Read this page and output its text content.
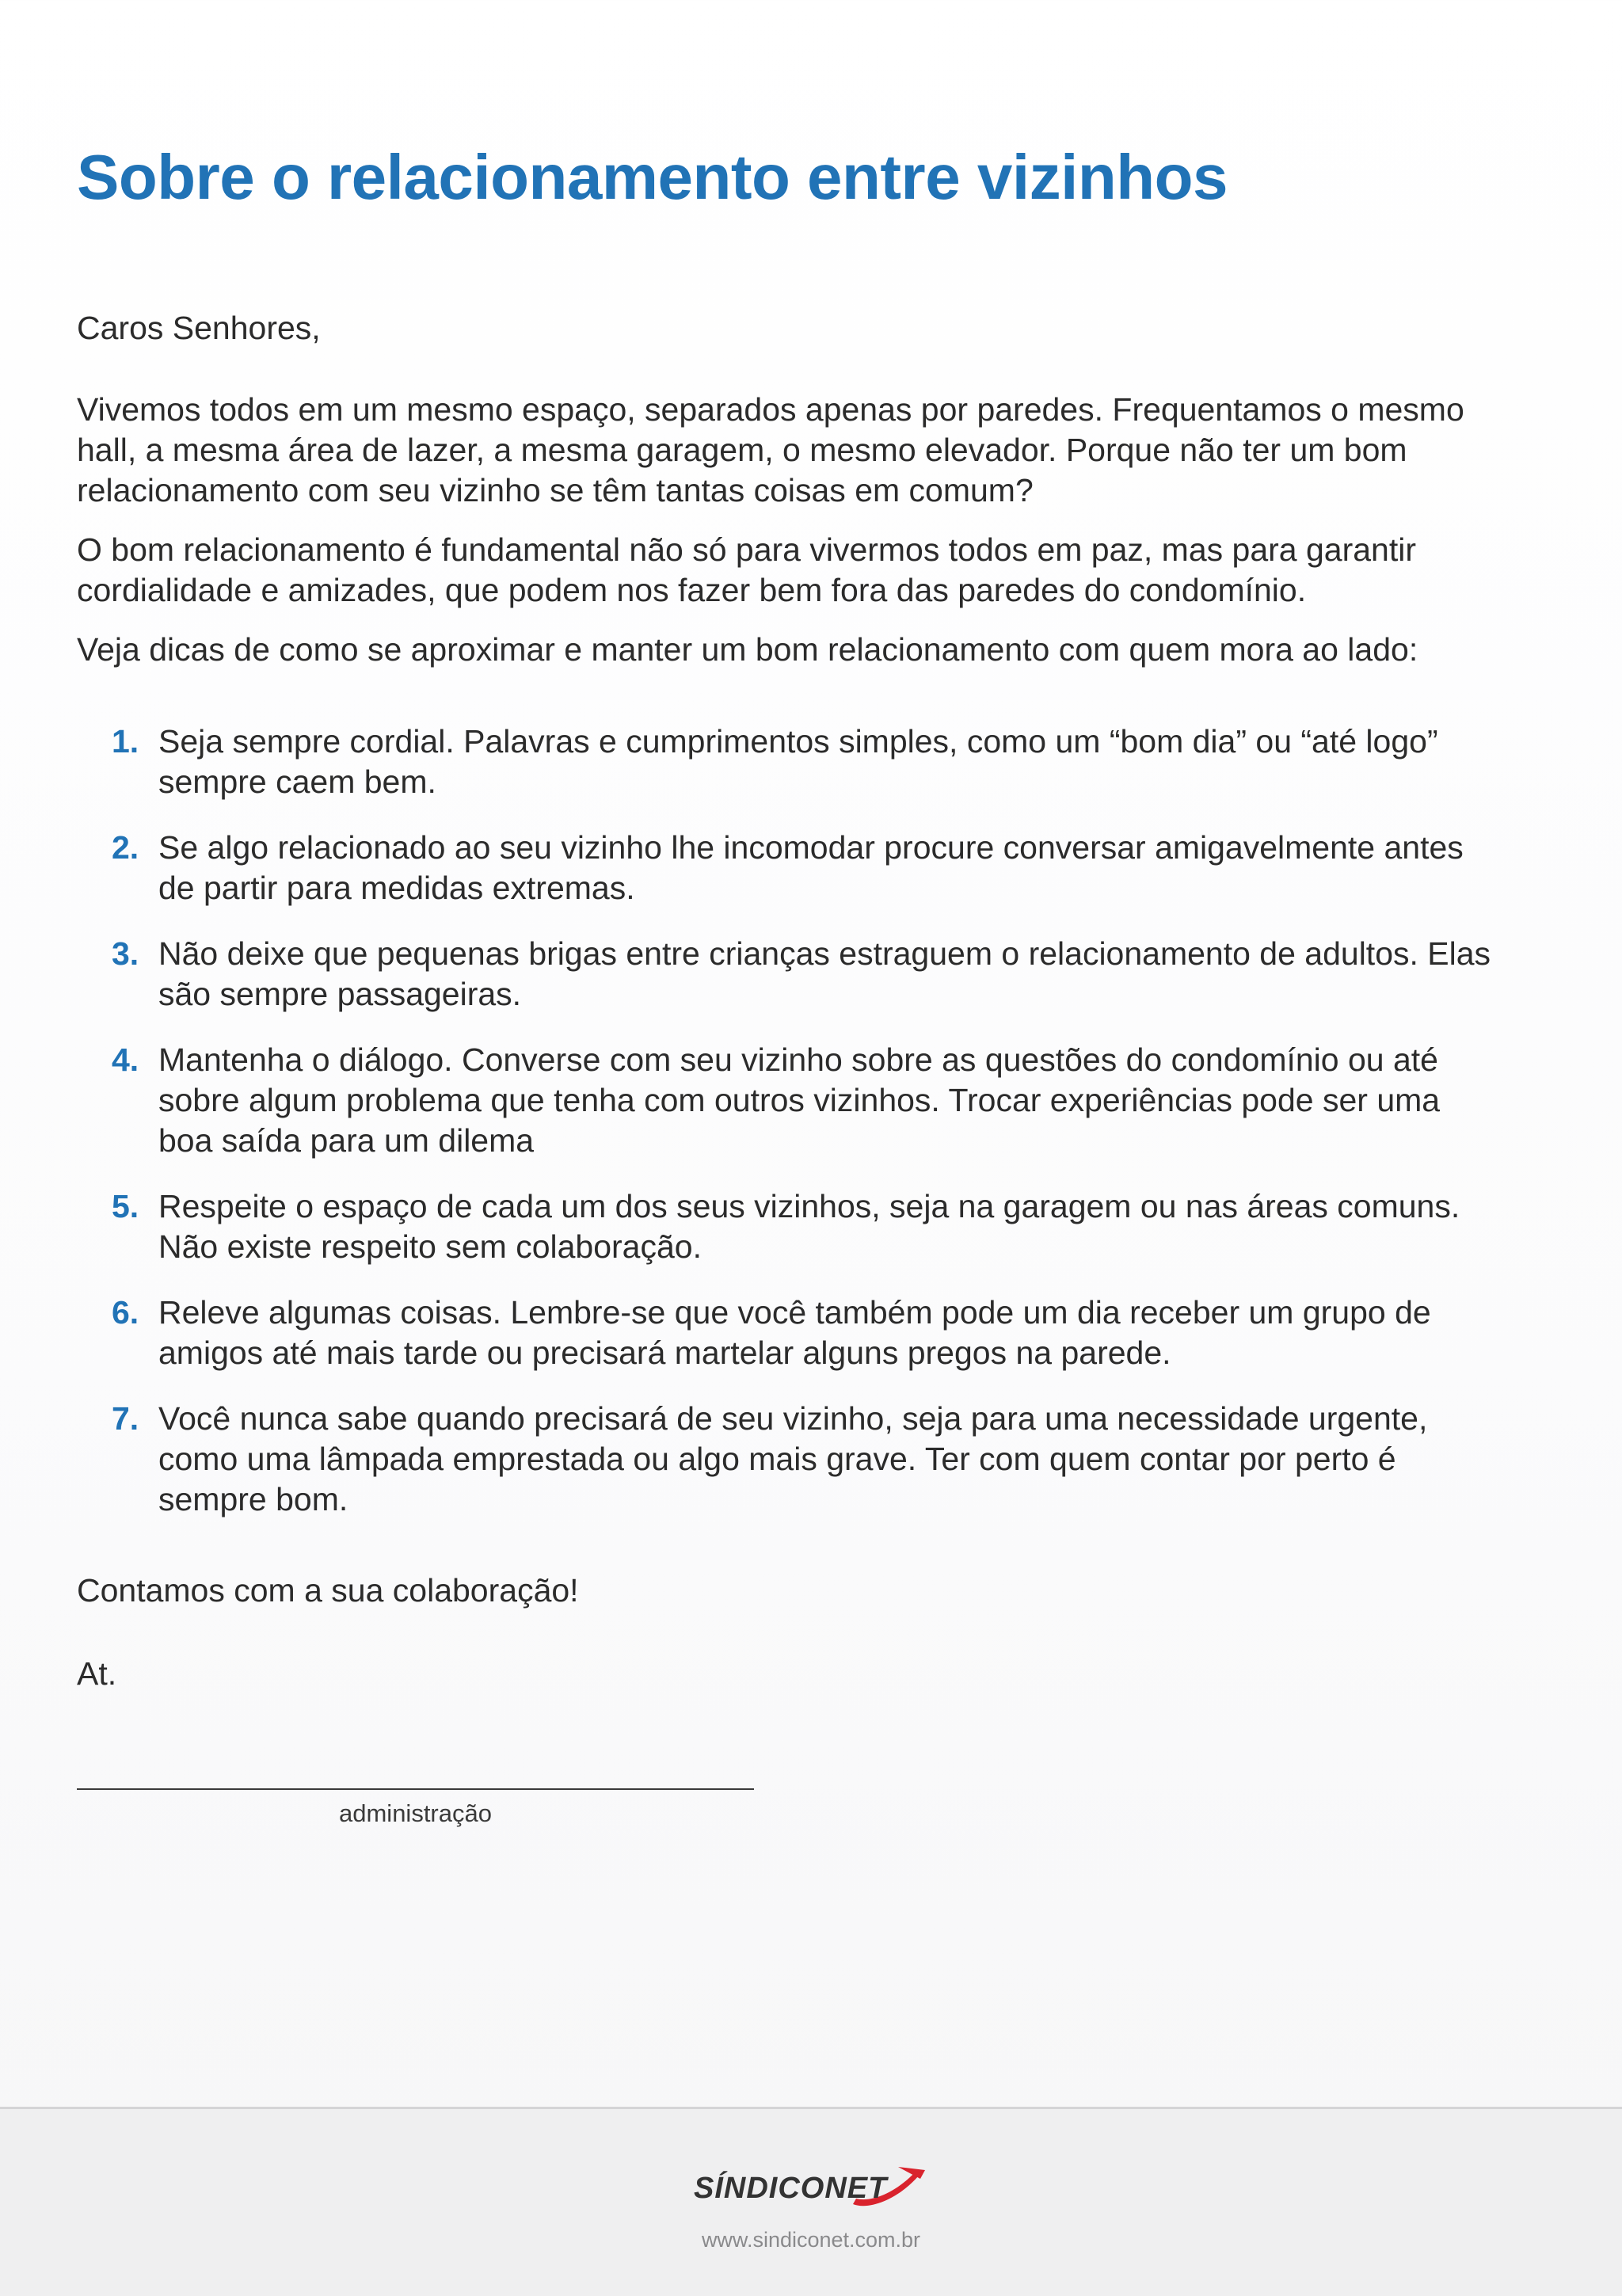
Sobre o relacionamento entre vizinhos

Caros Senhores,

Vivemos todos em um mesmo espaço, separados apenas por paredes. Frequentamos o mesmo hall, a mesma área de lazer, a mesma garagem, o mesmo elevador. Porque não ter um bom relacionamento com seu vizinho se têm tantas coisas em comum?

O bom relacionamento é fundamental não só para vivermos todos em paz, mas para garantir cordialidade e amizades, que podem nos fazer bem fora das paredes do condomínio.

Veja dicas de como se aproximar e manter um bom relacionamento com quem mora ao lado:

1. Seja sempre cordial. Palavras e cumprimentos simples, como um “bom dia” ou “até logo” sempre caem bem.
2. Se algo relacionado ao seu vizinho lhe incomodar procure conversar amigavelmente antes de partir para medidas extremas.
3. Não deixe que pequenas brigas entre crianças estraguem o relacionamento de adultos. Elas são sempre passageiras.
4. Mantenha o diálogo. Converse com seu vizinho sobre as questões do condomínio ou até sobre algum problema que tenha com outros vizinhos. Trocar experiências pode ser uma boa saída para um dilema
5. Respeite o espaço de cada um dos seus vizinhos, seja na garagem ou nas áreas comuns. Não existe respeito sem colaboração.
6. Releve algumas coisas. Lembre-se que você também pode um dia receber um grupo de amigos até mais tarde ou precisará martelar alguns pregos na parede.
7. Você nunca sabe quando precisará de seu vizinho, seja para uma necessidade urgente, como uma lâmpada emprestada ou algo mais grave. Ter com quem contar por perto é sempre bom.

Contamos com a sua colaboração!

At.

administração
SÍNDICONET
www.sindiconet.com.br
